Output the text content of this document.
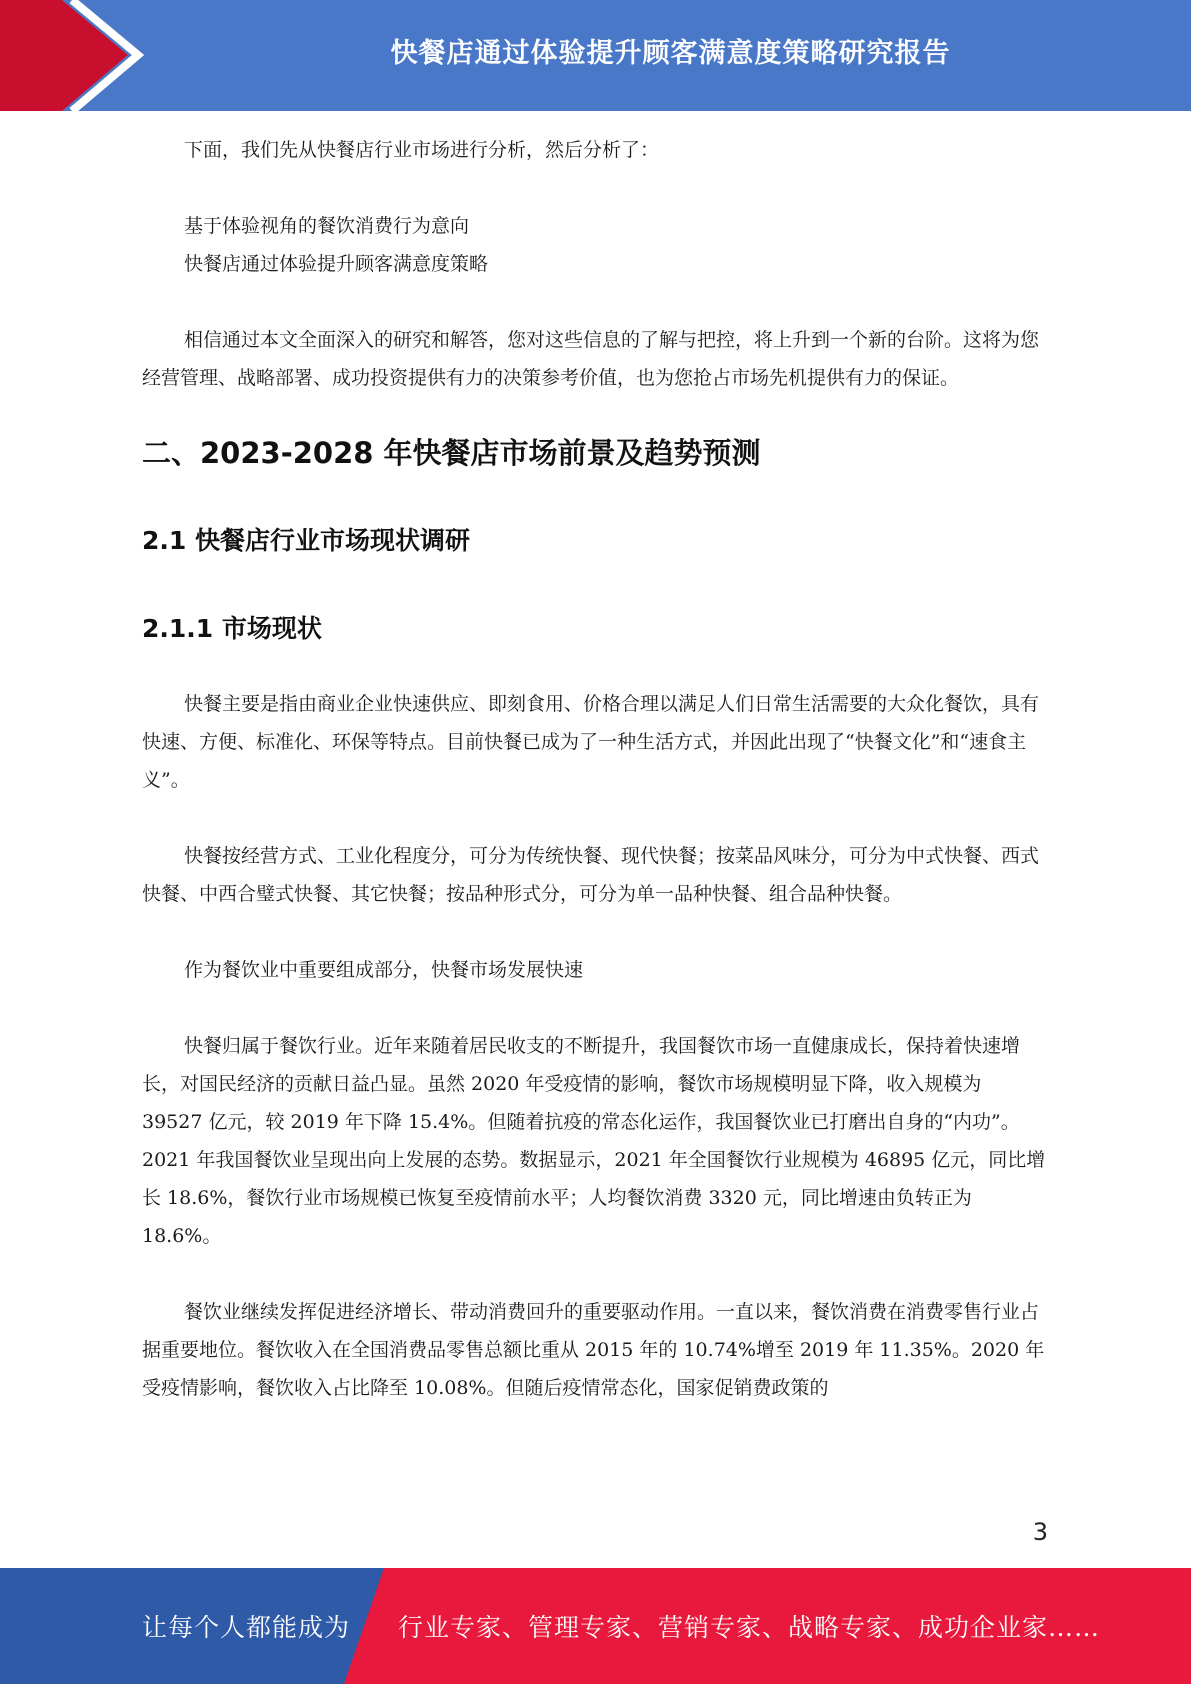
快餐店通过体验提升顾客满意度策略研究报告

下面，我们先从快餐店行业市场进行分析，然后分析了：

基于体验视角的餐饮消费行为意向

快餐店通过体验提升顾客满意度策略

相信通过本文全面深入的研究和解答，您对这些信息的了解与把控，将上升到一个新的台阶。这将为您经营管理、战略部署、成功投资提供有力的决策参考价值，也为您抢占市场先机提供有力的保证。

二、2023-2028 年快餐店市场前景及趋势预测
2.1 快餐店行业市场现状调研
2.1.1 市场现状

快餐主要是指由商业企业快速供应、即刻食用、价格合理以满足人们日常生活需要的大众化餐饮，具有快速、方便、标准化、环保等特点。目前快餐已成为了一种生活方式，并因此出现了“快餐文化”和“速食主义”。

快餐按经营方式、工业化程度分，可分为传统快餐、现代快餐；按菜品风味分，可分为中式快餐、西式快餐、中西合璧式快餐、其它快餐；按品种形式分，可分为单一品种快餐、组合品种快餐。

作为餐饮业中重要组成部分，快餐市场发展快速

快餐归属于餐饮行业。近年来随着居民收支的不断提升，我国餐饮市场一直健康成长，保持着快速增长，对国民经济的贡献日益凸显。虽然 2020 年受疫情的影响，餐饮市场规模明显下降，收入规模为 39527 亿元，较 2019 年下降 15.4%。但随着抗疫的常态化运作，我国餐饮业已打磨出自身的“内功”。2021 年我国餐饮业呈现出向上发展的态势。数据显示，2021 年全国餐饮行业规模为 46895 亿元，同比增长 18.6%，餐饮行业市场规模已恢复至疫情前水平；人均餐饮消费 3320 元，同比增速由负转正为 18.6%。

餐饮业继续发挥促进经济增长、带动消费回升的重要驱动作用。一直以来，餐饮消费在消费零售行业占据重要地位。餐饮收入在全国消费品零售总额比重从 2015 年的 10.74%增至 2019 年 11.35%。2020 年受疫情影响，餐饮收入占比降至 10.08%。但随后疫情常态化，国家促销费政策的

3
让每个人都能成为 行业专家、管理专家、营销专家、战略专家、成功企业家……
